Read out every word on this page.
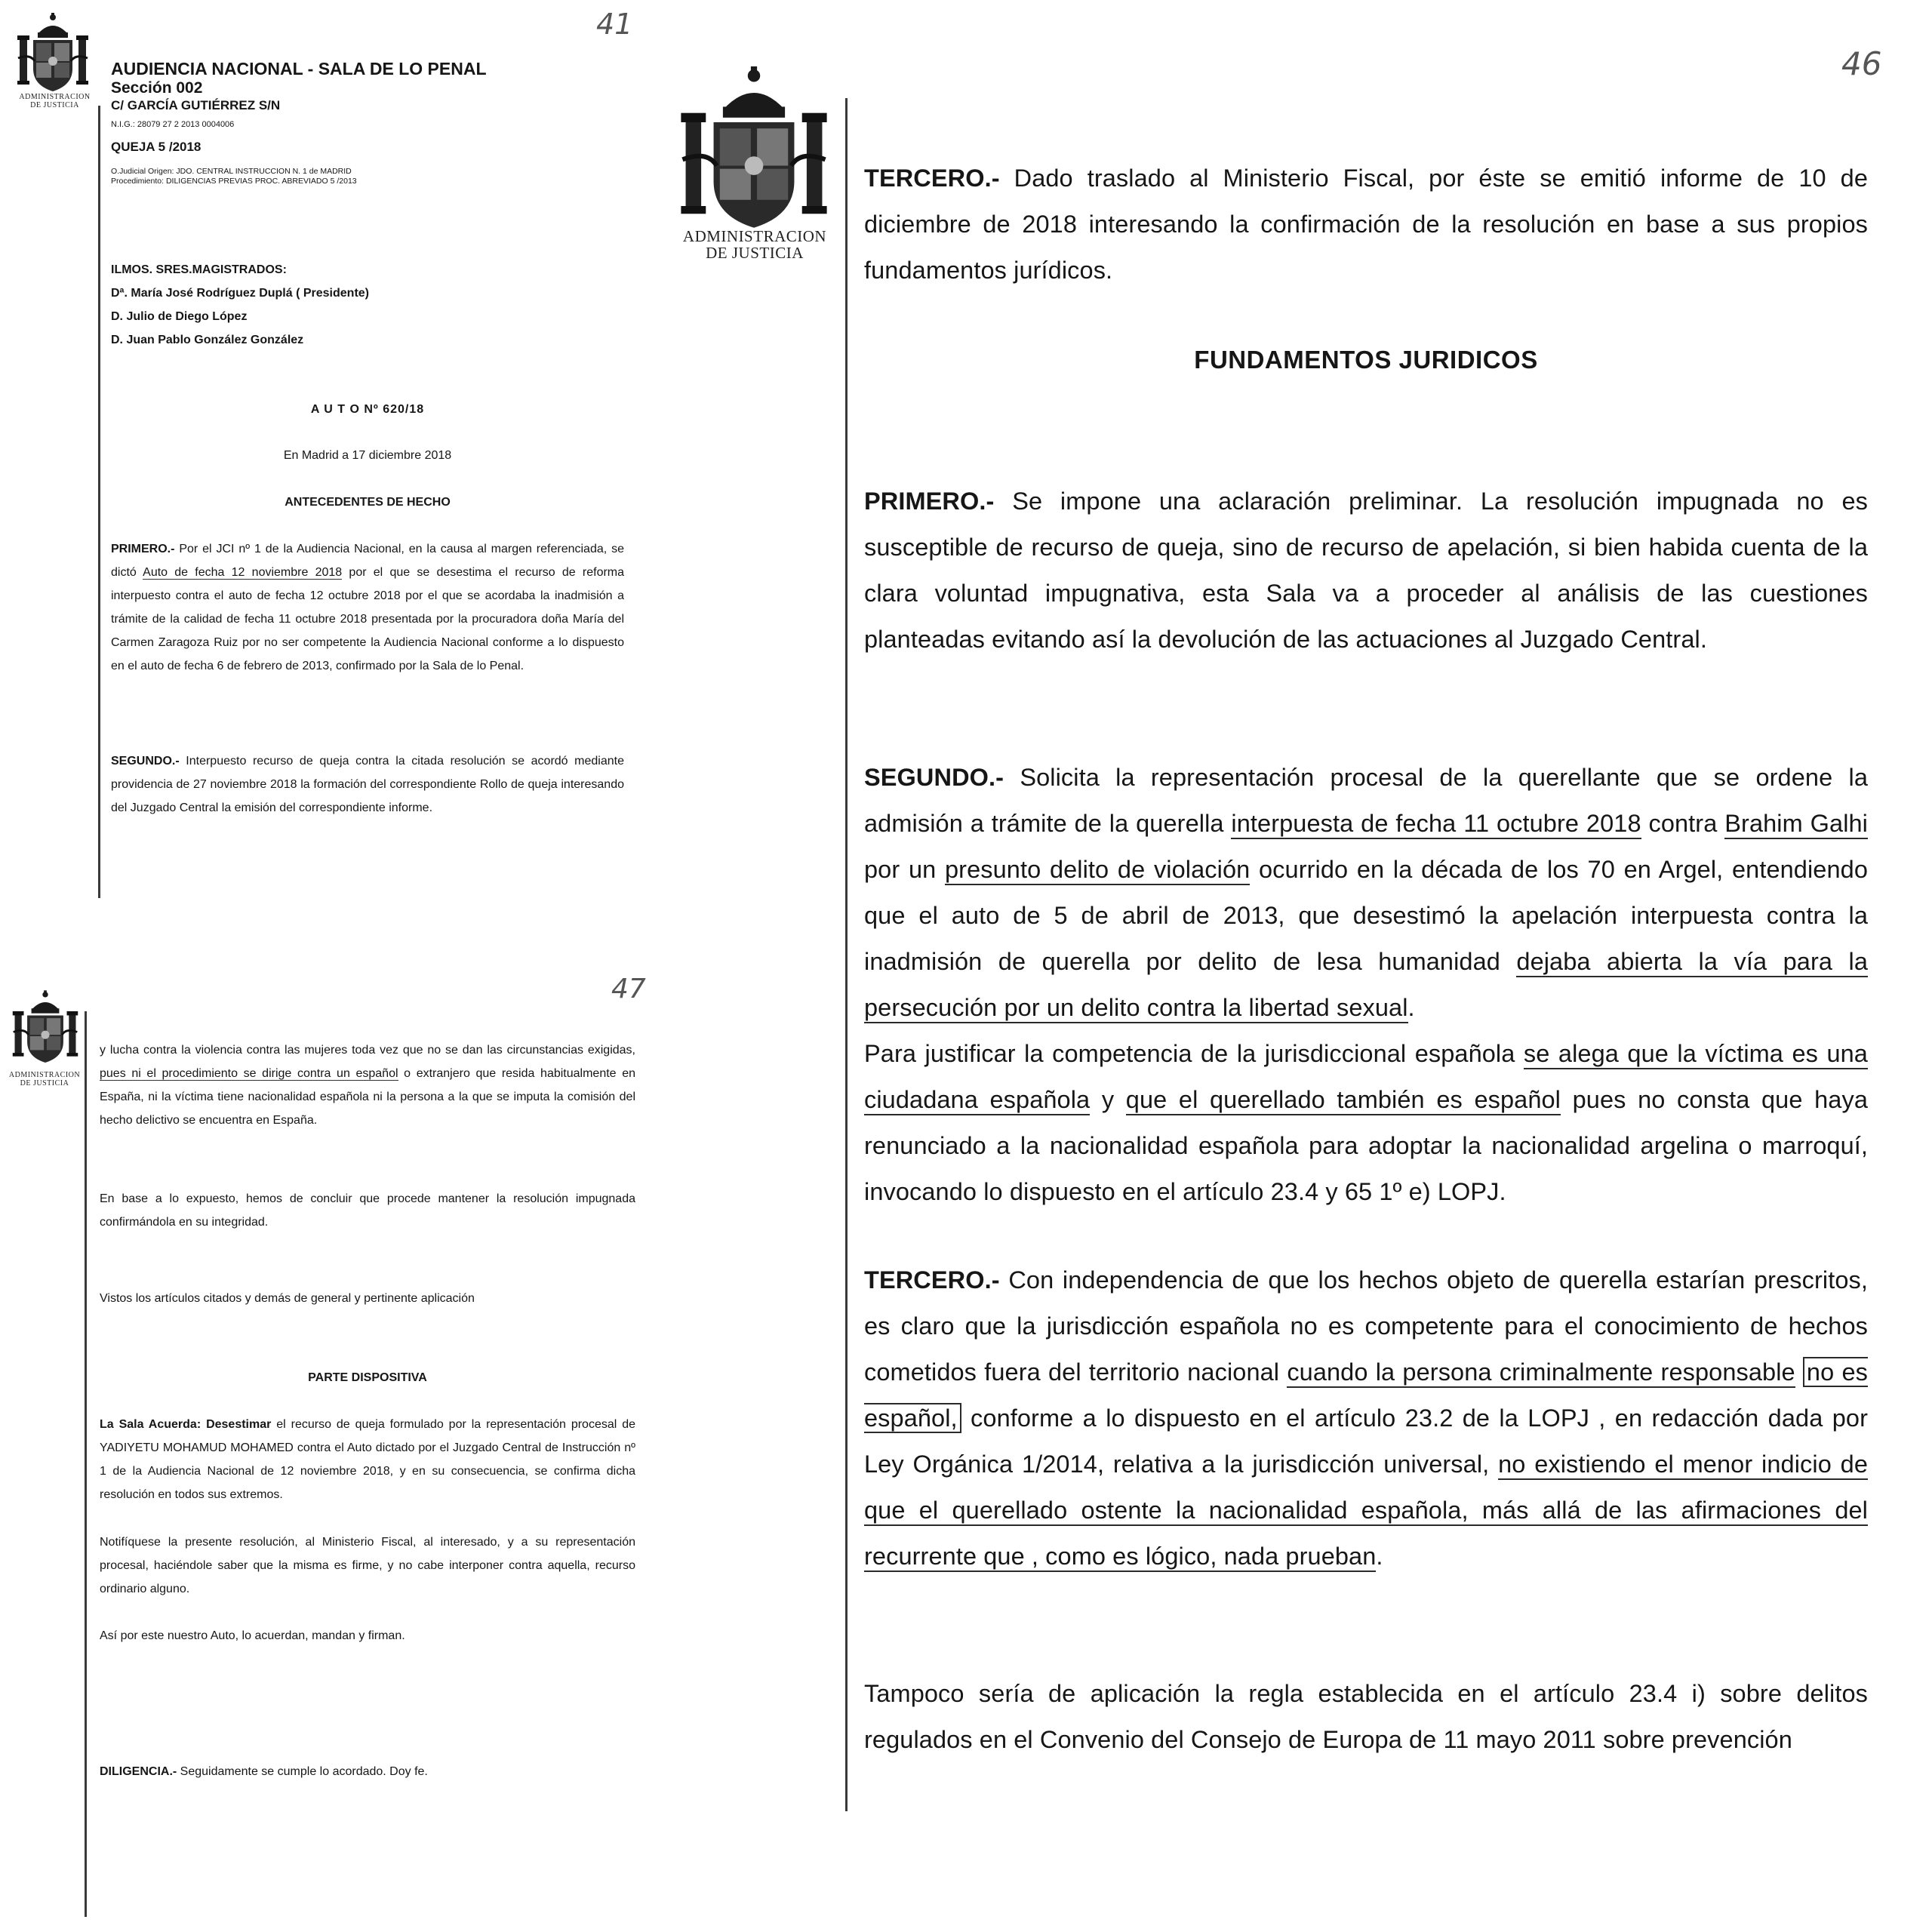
ADMINISTRACION
DE JUSTICIA
41
AUDIENCIA NACIONAL - SALA DE LO PENAL
Sección 002
C/ GARCÍA GUTIÉRREZ S/N
N.I.G.: 28079 27 2 2013 0004006
QUEJA 5 /2018
O.Judicial Origen: JDO. CENTRAL INSTRUCCION N. 1 de MADRID
Procedimiento: DILIGENCIAS PREVIAS PROC. ABREVIADO 5 /2013
ILMOS. SRES.MAGISTRADOS:
Dª. María José Rodríguez Duplá ( Presidente)
D. Julio de Diego López
D. Juan Pablo González González
A U T O Nº 620/18
En Madrid a 17 diciembre 2018
ANTECEDENTES DE HECHO
PRIMERO.- Por el JCI nº 1 de la Audiencia Nacional, en la causa al margen referenciada, se dictó Auto de fecha 12 noviembre 2018 por el que se desestima el recurso de reforma interpuesto contra el auto de fecha 12 octubre 2018 por el que se acordaba la inadmisión a trámite de la calidad de fecha 11 octubre 2018 presentada por la procuradora doña María del Carmen Zaragoza Ruiz por no ser competente la Audiencia Nacional conforme a lo dispuesto en el auto de fecha 6 de febrero de 2013, confirmado por la Sala de lo Penal.
SEGUNDO.- Interpuesto recurso de queja contra la citada resolución se acordó mediante providencia de 27 noviembre 2018 la formación del correspondiente Rollo de queja interesando del Juzgado Central la emisión del correspondiente informe.
ADMINISTRACION
DE JUSTICIA
47
y lucha contra la violencia contra las mujeres toda vez que no se dan las circunstancias exigidas, pues ni el procedimiento se dirige contra un español o extranjero que resida habitualmente en España, ni la víctima tiene nacionalidad española ni la persona a la que se imputa la comisión del hecho delictivo se encuentra en España.
En base a lo expuesto, hemos de concluir que procede mantener la resolución impugnada confirmándola en su integridad.
Vistos los artículos citados y demás de general y pertinente aplicación
PARTE DISPOSITIVA
La Sala Acuerda: Desestimar el recurso de queja formulado por la representación procesal de YADIYETU MOHAMUD MOHAMED contra el Auto dictado por el Juzgado Central de Instrucción nº 1 de la Audiencia Nacional de 12 noviembre 2018, y en su consecuencia, se confirma dicha resolución en todos sus extremos.
Notifíquese la presente resolución, al Ministerio Fiscal, al interesado, y a su representación procesal, haciéndole saber que la misma es firme, y no cabe interponer contra aquella, recurso ordinario alguno.
Así por este nuestro Auto, lo acuerdan, mandan y firman.
DILIGENCIA.- Seguidamente se cumple lo acordado. Doy fe.
ADMINISTRACION
DE JUSTICIA
46
TERCERO.- Dado traslado al Ministerio Fiscal, por éste se emitió informe de 10 de diciembre de 2018 interesando la confirmación de la resolución en base a sus propios fundamentos jurídicos.
FUNDAMENTOS JURIDICOS
PRIMERO.- Se impone una aclaración preliminar. La resolución impugnada no es susceptible de recurso de queja, sino de recurso de apelación, si bien habida cuenta de la clara voluntad impugnativa, esta Sala va a proceder al análisis de las cuestiones planteadas evitando así la devolución de las actuaciones al Juzgado Central.
SEGUNDO.- Solicita la representación procesal de la querellante que se ordene la admisión a trámite de la querella interpuesta de fecha 11 octubre 2018 contra Brahim Galhi por un presunto delito de violación ocurrido en la década de los 70 en Argel, entendiendo que el auto de 5 de abril de 2013, que desestimó la apelación interpuesta contra la inadmisión de querella por delito de lesa humanidad dejaba abierta la vía para la persecución por un delito contra la libertad sexual.
Para justificar la competencia de la jurisdiccional española se alega que la víctima es una ciudadana española y que el querellado también es español pues no consta que haya renunciado a la nacionalidad española para adoptar la nacionalidad argelina o marroquí, invocando lo dispuesto en el artículo 23.4 y 65 1º e) LOPJ.
TERCERO.- Con independencia de que los hechos objeto de querella estarían prescritos, es claro que la jurisdicción española no es competente para el conocimiento de hechos cometidos fuera del territorio nacional cuando la persona criminalmente responsable no es español, conforme a lo dispuesto en el artículo 23.2 de la LOPJ , en redacción dada por Ley Orgánica 1/2014, relativa a la jurisdicción universal, no existiendo el menor indicio de que el querellado ostente la nacionalidad española, más allá de las afirmaciones del recurrente que , como es lógico, nada prueban.
Tampoco sería de aplicación la regla establecida en el artículo 23.4 i) sobre delitos regulados en el Convenio del Consejo de Europa de 11 mayo 2011 sobre prevención
